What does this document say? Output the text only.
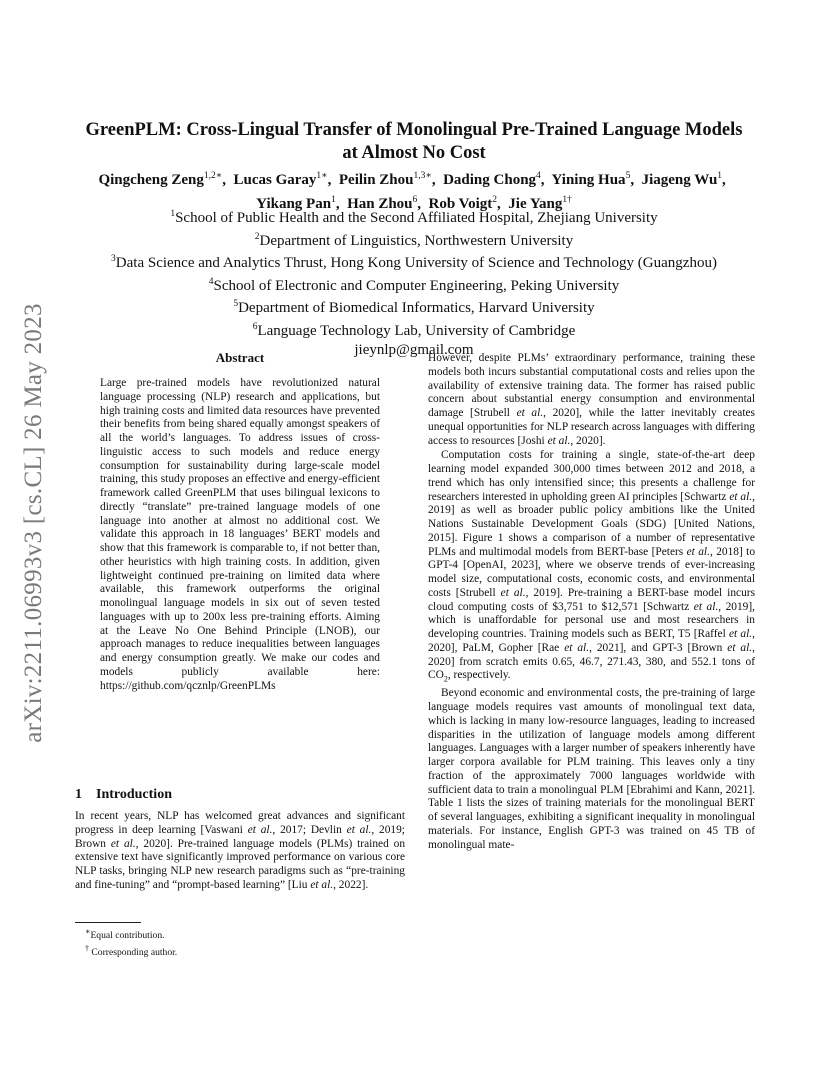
arXiv:2211.06993v3 [cs.CL] 26 May 2023
GreenPLM: Cross-Lingual Transfer of Monolingual Pre-Trained Language Models at Almost No Cost
Qingcheng Zeng$^{1,2∗}$,  Lucas Garay$^{1∗}$,  Peilin Zhou$^{1,3∗}$,  Dading Chong$^4$,  Yining Hua$^5$,  Jiageng Wu$^1$,  Yikang Pan$^1$,  Han Zhou$^6$,  Rob Voigt$^2$,  Jie Yang$^{1\dagger}$
$^1$School of Public Health and the Second Affiliated Hospital, Zhejiang University
$^2$Department of Linguistics, Northwestern University
$^3$Data Science and Analytics Thrust, Hong Kong University of Science and Technology (Guangzhou)
$^4$School of Electronic and Computer Engineering, Peking University
$^5$Department of Biomedical Informatics, Harvard University
$^6$Language Technology Lab, University of Cambridge
jieynlp@gmail.com
Abstract
Large pre-trained models have revolutionized natural language processing (NLP) research and applications, but high training costs and limited data resources have prevented their benefits from being shared equally amongst speakers of all the world’s languages. To address issues of cross-linguistic access to such models and reduce energy consumption for sustainability during large-scale model training, this study proposes an effective and energy-efficient framework called GreenPLM that uses bilingual lexicons to directly “translate” pre-trained language models of one language into another at almost no additional cost. We validate this approach in 18 languages’ BERT models and show that this framework is comparable to, if not better than, other heuristics with high training costs. In addition, given lightweight continued pre-training on limited data where available, this framework outperforms the original monolingual language models in six out of seven tested languages with up to 200x less pre-training efforts. Aiming at the Leave No One Behind Principle (LNOB), our approach manages to reduce inequalities between languages and energy consumption greatly. We make our codes and models publicly available here: https://github.com/qcznlp/GreenPLMs
1 Introduction

In recent years, NLP has welcomed great advances and significant progress in deep learning [Vaswani et al., 2017; Devlin et al., 2019; Brown et al., 2020]. Pre-trained language models (PLMs) trained on extensive text have significantly improved performance on various core NLP tasks, bringing NLP new research paradigms such as “pre-training and fine-tuning” and “prompt-based learning” [Liu et al., 2022].

∗Equal contribution.
† Corresponding author.

However, despite PLMs’ extraordinary performance, training these models both incurs substantial computational costs and relies upon the availability of extensive training data. The former has raised public concern about substantial energy consumption and environmental damage [Strubell et al., 2020], while the latter inevitably creates unequal opportunities for NLP research across languages with differing access to resources [Joshi et al., 2020].

Computation costs for training a single, state-of-the-art deep learning model expanded 300,000 times between 2012 and 2018, a trend which has only intensified since; this presents a challenge for researchers interested in upholding green AI principles [Schwartz et al., 2019] as well as broader public policy ambitions like the United Nations Sustainable Development Goals (SDG) [United Nations, 2015]. Figure 1 shows a comparison of a number of representative PLMs and multimodal models from BERT-base [Peters et al., 2018] to GPT-4 [OpenAI, 2023], where we observe trends of ever-increasing model size, computational costs, economic costs, and environmental costs [Strubell et al., 2019]. Pre-training a BERT-base model incurs cloud computing costs of $3,751 to $12,571 [Schwartz et al., 2019], which is unaffordable for personal use and most researchers in developing countries. Training models such as BERT, T5 [Raffel et al., 2020], PaLM, Gopher [Rae et al., 2021], and GPT-3 [Brown et al., 2020] from scratch emits 0.65, 46.7, 271.43, 380, and 552.1 tons of $CO_2$, respectively.

Beyond economic and environmental costs, the pre-training of large language models requires vast amounts of monolingual text data, which is lacking in many low-resource languages, leading to increased disparities in the utilization of language models among different languages. Languages with a larger number of speakers inherently have larger corpora available for PLM training. This leaves only a tiny fraction of the approximately 7000 languages worldwide with sufficient data to train a monolingual PLM [Ebrahimi and Kann, 2021]. Table 1 lists the sizes of training materials for the monolingual BERT of several languages, exhibiting a significant inequality in monolingual materials. For instance, English GPT-3 was trained on 45 TB of monolingual mate-
